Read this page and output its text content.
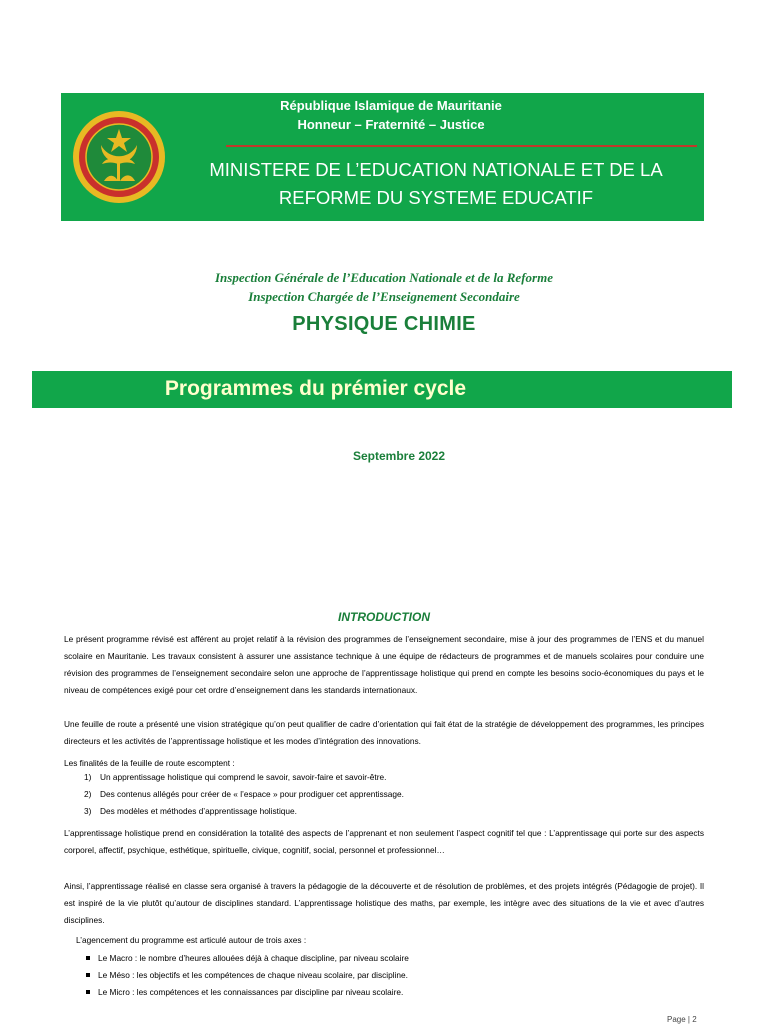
République Islamique de Mauritanie
Honneur – Fraternité – Justice
MINISTERE DE L’EDUCATION NATIONALE ET DE LA
REFORME DU SYSTEME EDUCATIF
Inspection Générale de l’Education Nationale et de la Reforme
Inspection Chargée de l’Enseignement Secondaire
PHYSIQUE CHIMIE
Programmes du prémier cycle
Septembre 2022
INTRODUCTION
Le présent programme révisé est afférent au projet relatif à la révision des programmes de l’enseignement secondaire, mise à jour des programmes de l’ENS et du manuel scolaire en Mauritanie. Les travaux consistent à assurer une assistance technique à une équipe de rédacteurs de programmes et de manuels scolaires pour conduire une révision des programmes de l’enseignement secondaire selon une approche de l’apprentissage holistique qui prend en compte les besoins socio-économiques du pays et le niveau de compétences exigé pour cet ordre d’enseignement dans les standards internationaux.
Une feuille de route a présenté une vision stratégique qu’on peut qualifier de cadre d’orientation qui fait état de la stratégie de développement des programmes, les principes directeurs et les activités de l’apprentissage holistique et les modes d’intégration des innovations.
Les finalités de la feuille de route escomptent :
1) Un apprentissage holistique qui comprend le savoir, savoir-faire et savoir-être.
2) Des contenus allégés pour créer de « l’espace » pour prodiguer cet apprentissage.
3) Des modèles et méthodes d’apprentissage holistique.
L’apprentissage holistique prend en considération la totalité des aspects de l’apprenant et non seulement l’aspect cognitif tel que : L’apprentissage qui porte sur des aspects corporel, affectif, psychique, esthétique, spirituelle, civique, cognitif, social, personnel et professionnel…
Ainsi, l’apprentissage réalisé en classe sera organisé à travers la pédagogie de la découverte et de résolution de problèmes, et des projets intégrés (Pédagogie de projet). Il est inspiré de la vie plutôt qu’autour de disciplines standard. L’apprentissage holistique des maths, par exemple, les intègre avec des situations de la vie et avec d’autres disciplines.
L’agencement du programme est articulé autour de trois axes :
Le Macro : le nombre d’heures allouées déjà à chaque discipline, par niveau scolaire
Le Méso : les objectifs et les compétences de chaque niveau scolaire, par discipline.
Le Micro : les compétences et les connaissances par discipline par niveau scolaire.
Page | 2
